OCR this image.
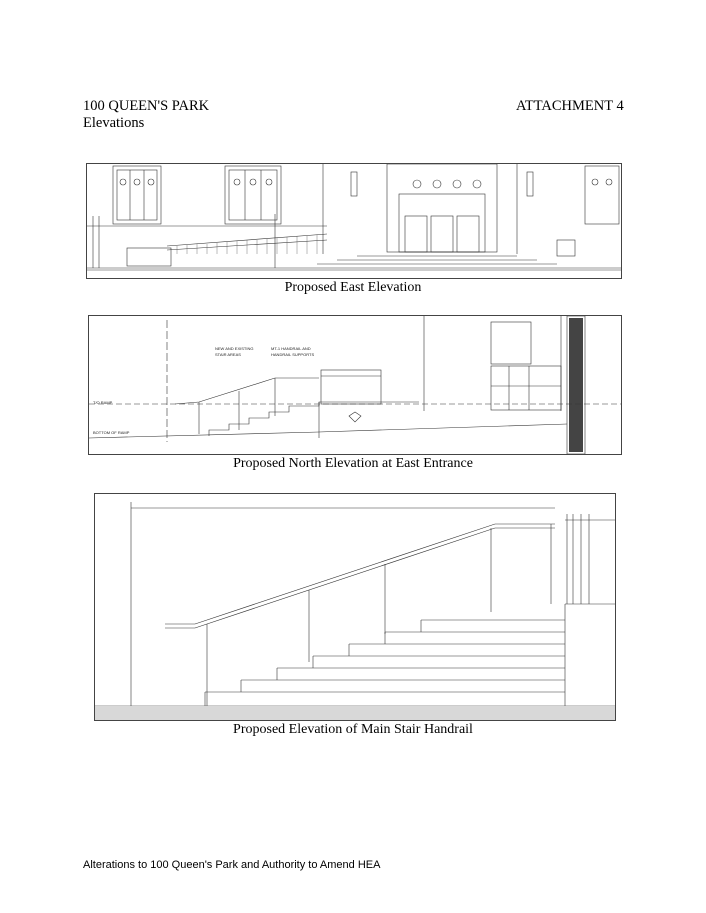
100 QUEEN'S PARK
Elevations
ATTACHMENT 4
Proposed East Elevation
T/O RAMP
BOTTOM OF RAMP
NEW AND EXISTING
STAIR AREAS
MT-1 HANDRAIL AND
HANDRAIL SUPPORTS
Proposed North Elevation at East Entrance
Proposed Elevation of Main Stair Handrail
Alterations to 100 Queen's Park and Authority to Amend HEA
